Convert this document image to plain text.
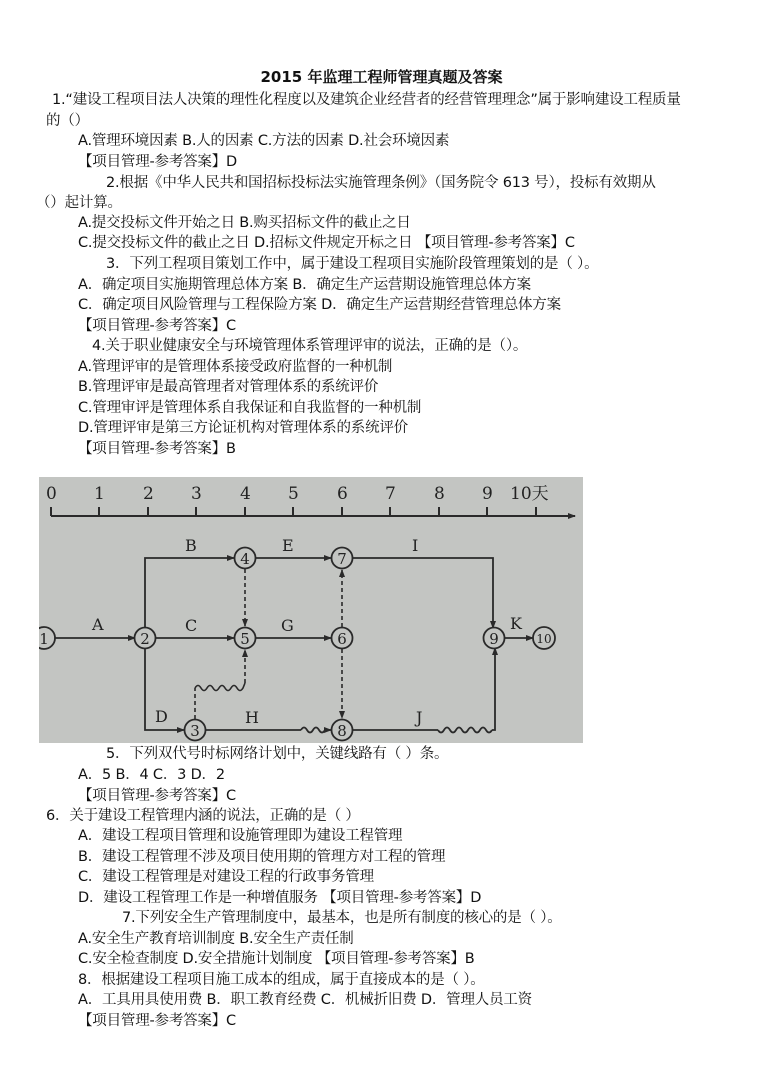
2015 年监理工程师管理真题及答案
1.“建设工程项目法人决策的理性化程度以及建筑企业经营者的经营管理理念”属于影响建设工程质量
的（）
A.管理环境因素 B.人的因素 C.方法的因素 D.社会环境因素
【项目管理-参考答案】D
2.根据《中华人民共和国招标投标法实施管理条例》（国务院令 613 号），投标有效期从
（）起计算。
A.提交投标文件开始之日 B.购买招标文件的截止之日
C.提交投标文件的截止之日 D.招标文件规定开标之日 【项目管理-参考答案】C
3．下列工程项目策划工作中，属于建设工程项目实施阶段管理策划的是（ ）。
A．确定项目实施期管理总体方案 B．确定生产运营期设施管理总体方案
C．确定项目风险管理与工程保险方案 D．确定生产运营期经营管理总体方案
【项目管理-参考答案】C
4.关于职业健康安全与环境管理体系管理评审的说法，正确的是（）。
A.管理评审的是管理体系接受政府监督的一种机制
B.管理评审是最高管理者对管理体系的系统评价
C.管理审评是管理体系自我保证和自我监督的一种机制
D.管理评审是第三方论证机构对管理体系的系统评价
【项目管理-参考答案】B
0 1 2 3 4 5 6 7 8 9 10天
1	2
3
4
5	6
7
8
9	10
A
B
C
D
E
G
H
I
J
K
5．下列双代号时标网络计划中，关键线路有（ ）条。
A．5 B．4 C．3 D．2
【项目管理-参考答案】C
6．关于建设工程管理内涵的说法，正确的是（ ）
A．建设工程项目管理和设施管理即为建设工程管理
B．建设工程管理不涉及项目使用期的管理方对工程的管理
C．建设工程管理是对建设工程的行政事务管理
D．建设工程管理工作是一种增值服务 【项目管理-参考答案】D
7.下列安全生产管理制度中，最基本，也是所有制度的核心的是（ ）。
A.安全生产教育培训制度 B.安全生产责任制
C.安全检查制度 D.安全措施计划制度 【项目管理-参考答案】B
8．根据建设工程项目施工成本的组成，属于直接成本的是（ ）。
A．工具用具使用费 B．职工教育经费 C．机械折旧费 D．管理人员工资
【项目管理-参考答案】C
